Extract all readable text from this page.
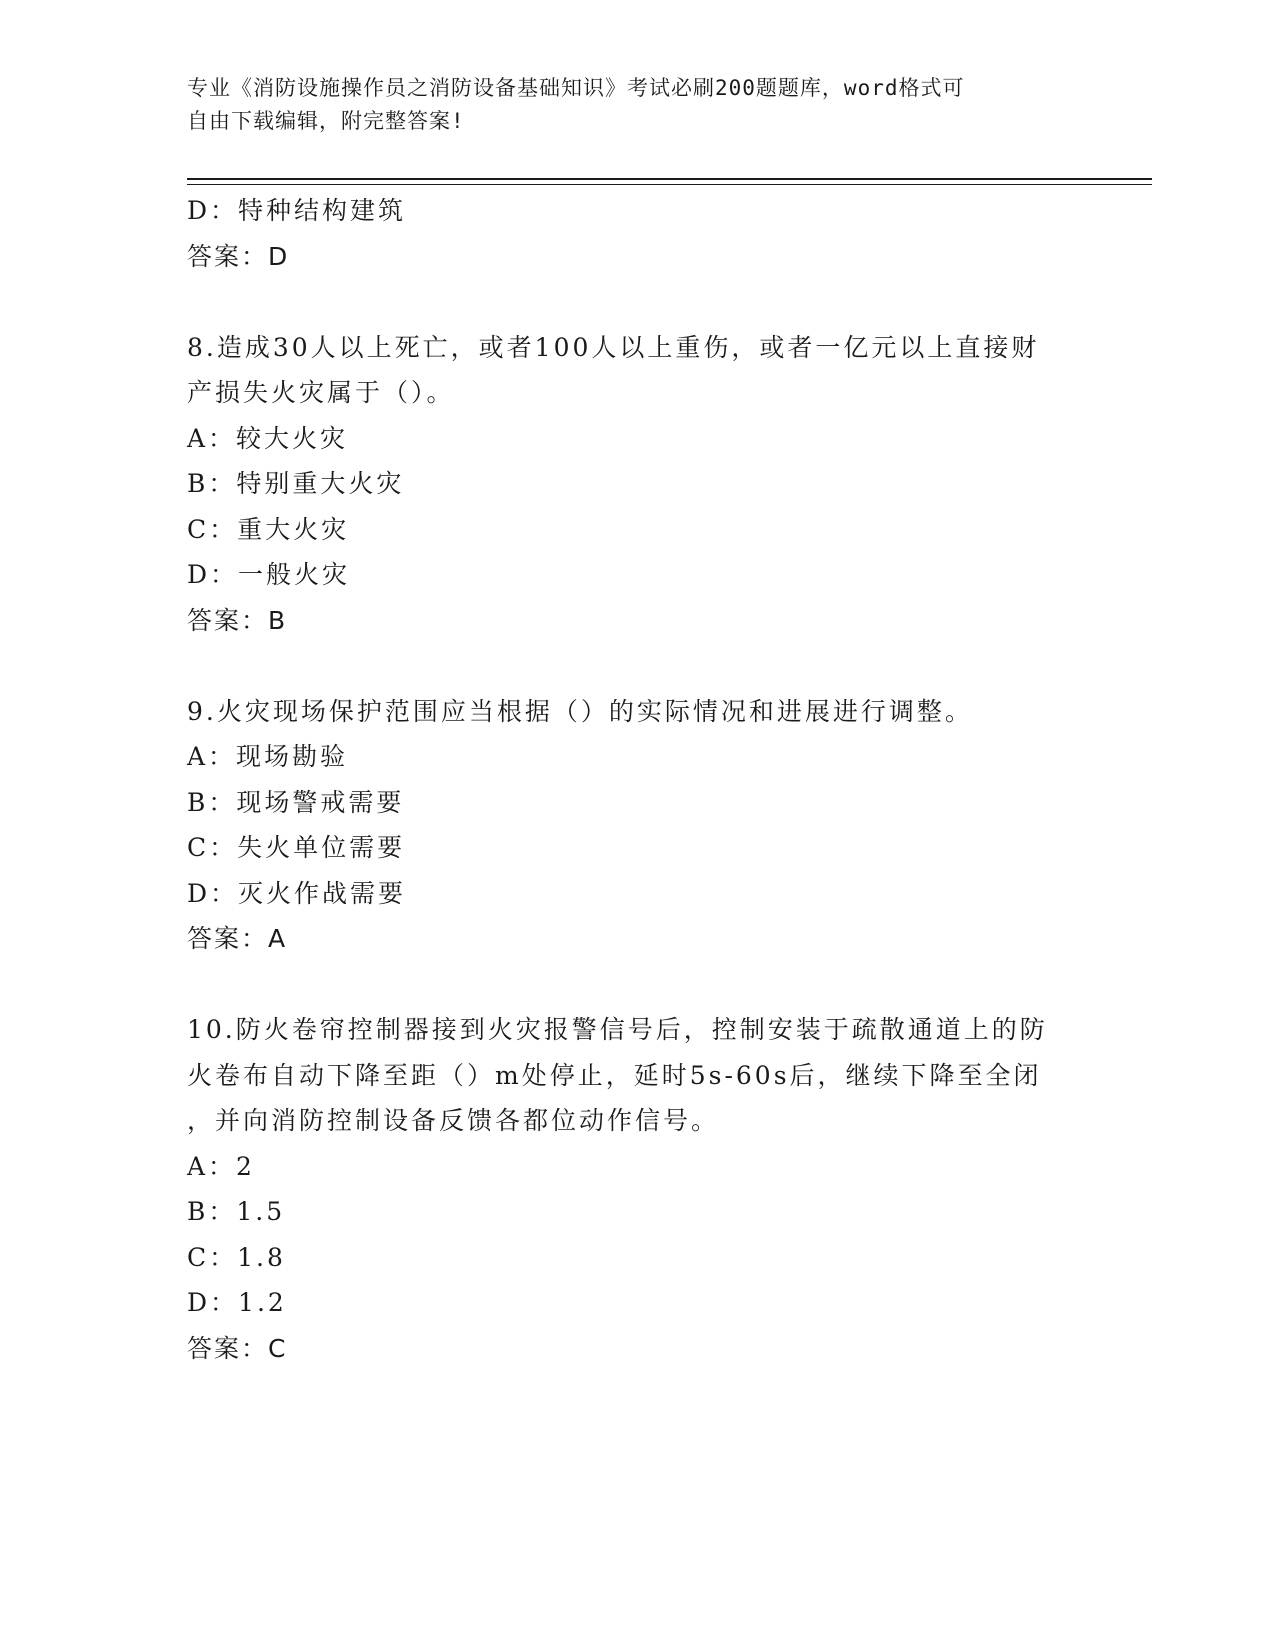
专业《消防设施操作员之消防设备基础知识》考试必刷200题题库，word格式可
自由下载编辑，附完整答案!
D：特种结构建筑
答案：D
8.造成30人以上死亡，或者100人以上重伤，或者一亿元以上直接财
产损失火灾属于（）。
A：较大火灾
B：特别重大火灾
C：重大火灾
D：一般火灾
答案：B
9.火灾现场保护范围应当根据（）的实际情况和进展进行调整。
A：现场勘验
B：现场警戒需要
C：失火单位需要
D：灭火作战需要
答案：A
10.防火卷帘控制器接到火灾报警信号后，控制安装于疏散通道上的防
火卷布自动下降至距（）m处停止，延时5s-60s后，继续下降至全闭
，并向消防控制设备反馈各都位动作信号。
A：2
B：1.5
C：1.8
D：1.2
答案：C
